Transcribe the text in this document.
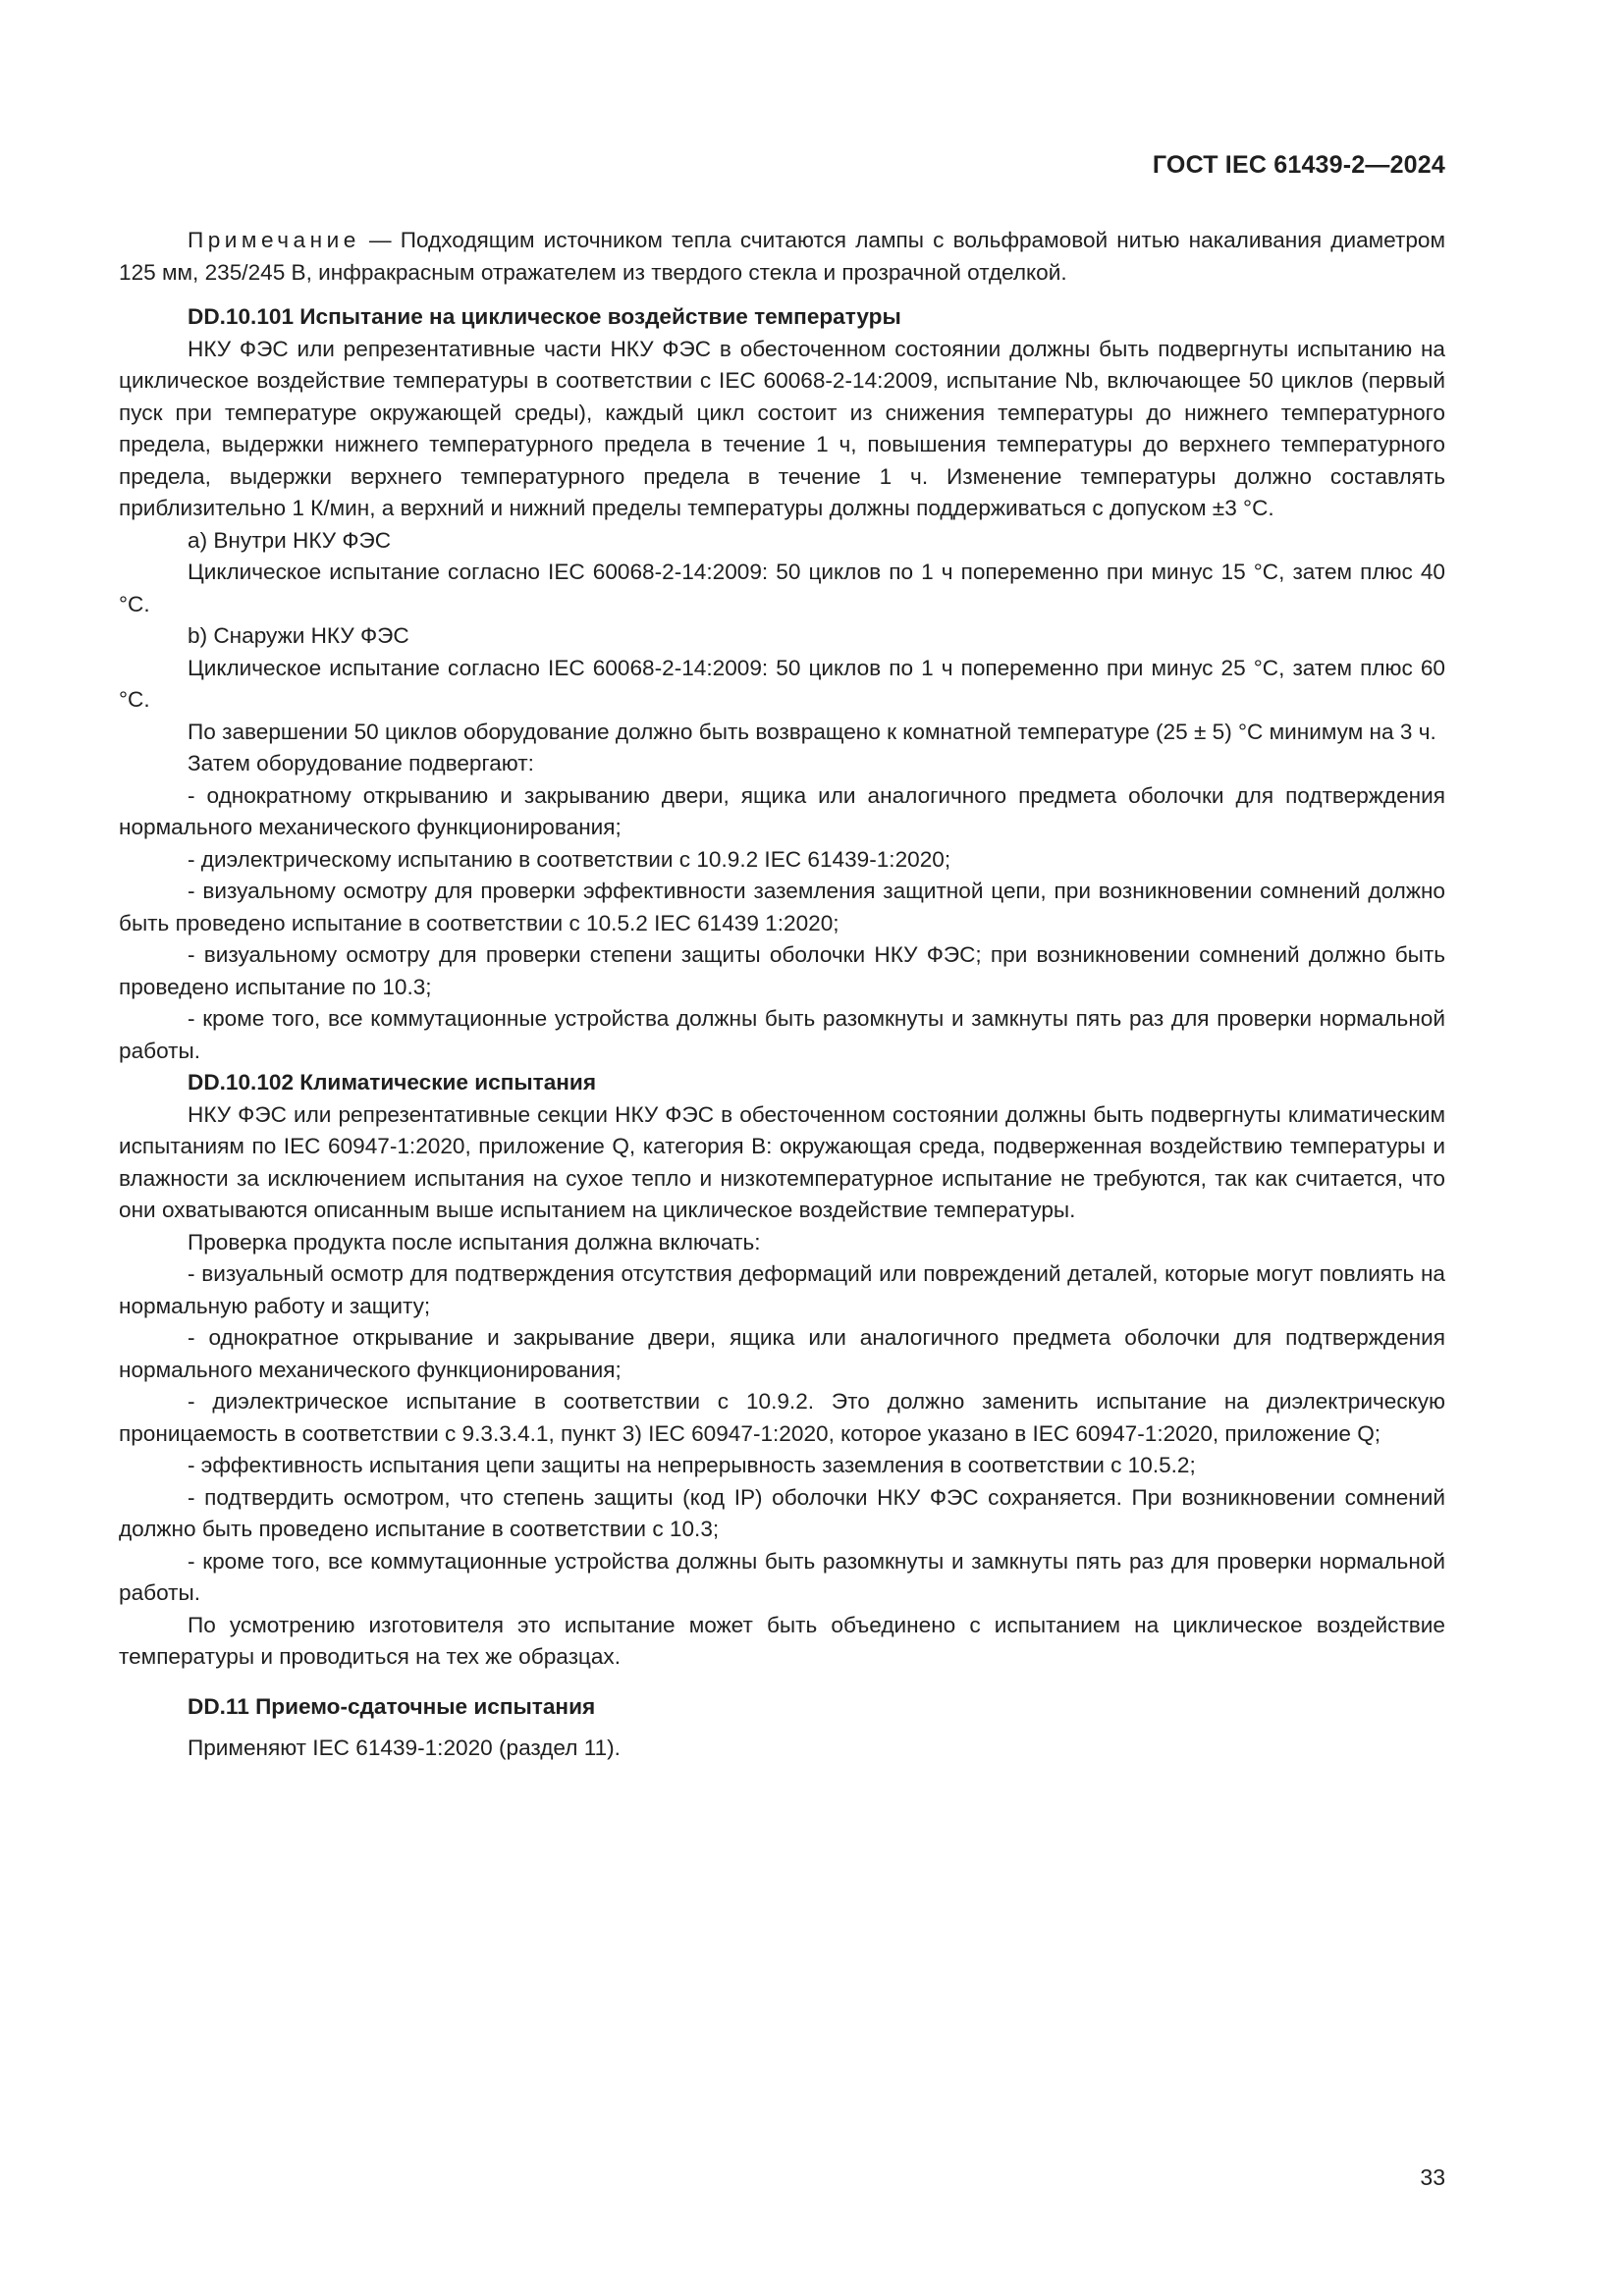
ГОСТ IEC 61439-2—2024

Примечание — Подходящим источником тепла считаются лампы с вольфрамовой нитью накаливания диаметром 125 мм, 235/245 В, инфракрасным отражателем из твердого стекла и прозрачной отделкой.

DD.10.101 Испытание на циклическое воздействие температуры

НКУ ФЭС или репрезентативные части НКУ ФЭС в обесточенном состоянии должны быть подвергнуты испытанию на циклическое воздействие температуры в соответствии с IEC 60068-2-14:2009, испытание Nb, включающее 50 циклов (первый пуск при температуре окружающей среды), каждый цикл состоит из снижения температуры до нижнего температурного предела, выдержки нижнего температурного предела в течение 1 ч, повышения температуры до верхнего температурного предела, выдержки верхнего температурного предела в течение 1 ч. Изменение температуры должно составлять приблизительно 1 К/мин, а верхний и нижний пределы температуры должны поддерживаться с допуском ±3 °С.

а) Внутри НКУ ФЭС

Циклическое испытание согласно IEC 60068-2-14:2009: 50 циклов по 1 ч попеременно при минус 15 °С, затем плюс 40 °С.

b) Снаружи НКУ ФЭС

Циклическое испытание согласно IEC 60068-2-14:2009: 50 циклов по 1 ч попеременно при минус 25 °С, затем плюс 60 °С.

По завершении 50 циклов оборудование должно быть возвращено к комнатной температуре (25 ± 5) °С минимум на 3 ч.

Затем оборудование подвергают:

- однократному открыванию и закрыванию двери, ящика или аналогичного предмета оболочки для подтверждения нормального механического функционирования;

- диэлектрическому испытанию в соответствии с 10.9.2 IEC 61439-1:2020;

- визуальному осмотру для проверки эффективности заземления защитной цепи, при возникновении сомнений должно быть проведено испытание в соответствии с 10.5.2 IEC 61439 1:2020;

- визуальному осмотру для проверки степени защиты оболочки НКУ ФЭС; при возникновении сомнений должно быть проведено испытание по 10.3;

- кроме того, все коммутационные устройства должны быть разомкнуты и замкнуты пять раз для проверки нормальной работы.

DD.10.102 Климатические испытания

НКУ ФЭС или репрезентативные секции НКУ ФЭС в обесточенном состоянии должны быть подвергнуты климатическим испытаниям по IEC 60947-1:2020, приложение Q, категория В: окружающая среда, подверженная воздействию температуры и влажности за исключением испытания на сухое тепло и низкотемпературное испытание не требуются, так как считается, что они охватываются описанным выше испытанием на циклическое воздействие температуры.

Проверка продукта после испытания должна включать:

- визуальный осмотр для подтверждения отсутствия деформаций или повреждений деталей, которые могут повлиять на нормальную работу и защиту;

- однократное открывание и закрывание двери, ящика или аналогичного предмета оболочки для подтверждения нормального механического функционирования;

- диэлектрическое испытание в соответствии с 10.9.2. Это должно заменить испытание на диэлектрическую проницаемость в соответствии с 9.3.3.4.1, пункт 3) IEC 60947-1:2020, которое указано в IEC 60947-1:2020, приложение Q;

- эффективность испытания цепи защиты на непрерывность заземления в соответствии с 10.5.2;

- подтвердить осмотром, что степень защиты (код IP) оболочки НКУ ФЭС сохраняется. При возникновении сомнений должно быть проведено испытание в соответствии с 10.3;

- кроме того, все коммутационные устройства должны быть разомкнуты и замкнуты пять раз для проверки нормальной работы.

По усмотрению изготовителя это испытание может быть объединено с испытанием на циклическое воздействие температуры и проводиться на тех же образцах.

DD.11 Приемо-сдаточные испытания

Применяют IEC 61439-1:2020 (раздел 11).

33
